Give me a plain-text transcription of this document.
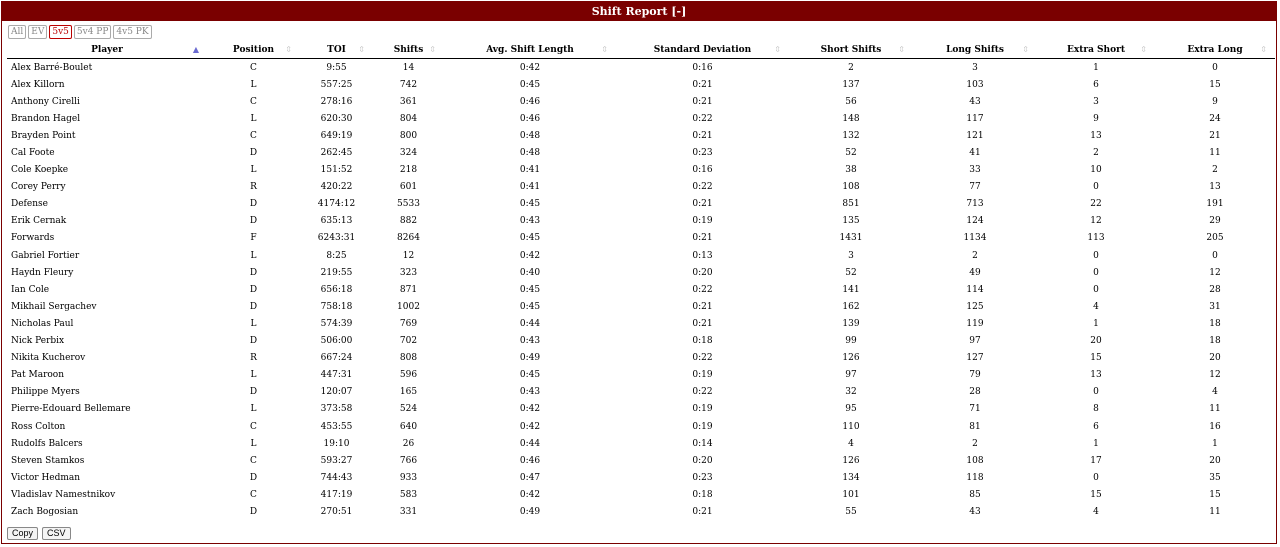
Shift Report [-]
All EV 5v5 5v4 PP 4v5 PK
Player ▲	Position ⇳	TOI ⇳	Shifts ⇳	Avg. Shift Length ⇳	Standard Deviation ⇳	Short Shifts ⇳	Long Shifts ⇳	Extra Short ⇳	Extra Long ⇳

Alex Barré-Boulet	C	9:55	14	0:42	0:16	2	3	1	0
Alex Killorn	L	557:25	742	0:45	0:21	137	103	6	15
Anthony Cirelli	C	278:16	361	0:46	0:21	56	43	3	9
Brandon Hagel	L	620:30	804	0:46	0:22	148	117	9	24
Brayden Point	C	649:19	800	0:48	0:21	132	121	13	21
Cal Foote	D	262:45	324	0:48	0:23	52	41	2	11
Cole Koepke	L	151:52	218	0:41	0:16	38	33	10	2
Corey Perry	R	420:22	601	0:41	0:22	108	77	0	13
Defense	D	4174:12	5533	0:45	0:21	851	713	22	191
Erik Cernak	D	635:13	882	0:43	0:19	135	124	12	29
Forwards	F	6243:31	8264	0:45	0:21	1431	1134	113	205
Gabriel Fortier	L	8:25	12	0:42	0:13	3	2	0	0
Haydn Fleury	D	219:55	323	0:40	0:20	52	49	0	12
Ian Cole	D	656:18	871	0:45	0:22	141	114	0	28
Mikhail Sergachev	D	758:18	1002	0:45	0:21	162	125	4	31
Nicholas Paul	L	574:39	769	0:44	0:21	139	119	1	18
Nick Perbix	D	506:00	702	0:43	0:18	99	97	20	18
Nikita Kucherov	R	667:24	808	0:49	0:22	126	127	15	20
Pat Maroon	L	447:31	596	0:45	0:19	97	79	13	12
Philippe Myers	D	120:07	165	0:43	0:22	32	28	0	4
Pierre-Edouard Bellemare	L	373:58	524	0:42	0:19	95	71	8	11
Ross Colton	C	453:55	640	0:42	0:19	110	81	6	16
Rudolfs Balcers	L	19:10	26	0:44	0:14	4	2	1	1
Steven Stamkos	C	593:27	766	0:46	0:20	126	108	17	20
Victor Hedman	D	744:43	933	0:47	0:23	134	118	0	35
Vladislav Namestnikov	C	417:19	583	0:42	0:18	101	85	15	15
Zach Bogosian	D	270:51	331	0:49	0:21	55	43	4	11
Copy	CSV
